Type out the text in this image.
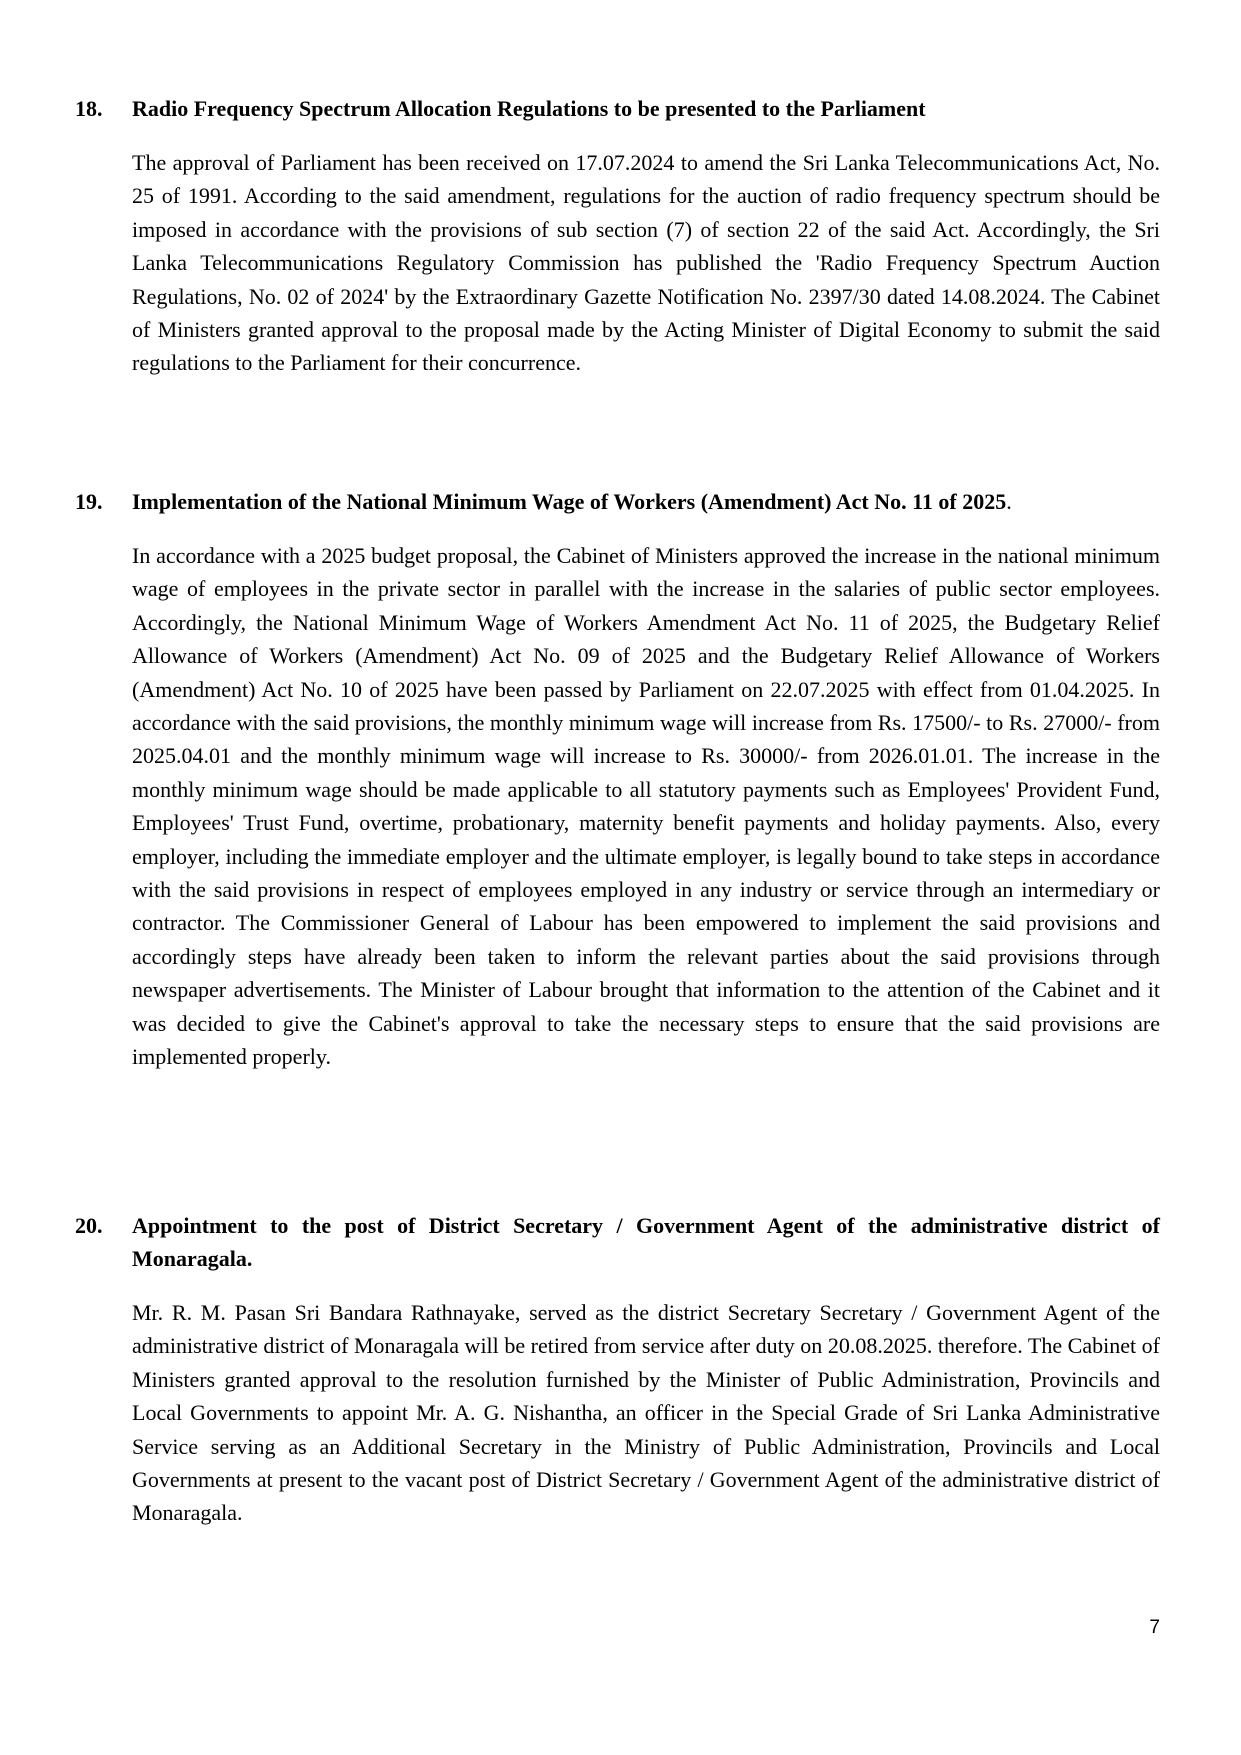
18.	Radio Frequency Spectrum Allocation Regulations to be presented to the Parliament
The approval of Parliament has been received on 17.07.2024 to amend the Sri Lanka Telecommunications Act, No. 25 of 1991. According to the said amendment, regulations for the auction of radio frequency spectrum should be imposed in accordance with the provisions of sub section (7) of section 22 of the said Act. Accordingly, the Sri Lanka Telecommunications Regulatory Commission has published the 'Radio Frequency Spectrum Auction Regulations, No. 02 of 2024' by the Extraordinary Gazette Notification No. 2397/30 dated 14.08.2024. The Cabinet of Ministers granted approval to the proposal made by the Acting Minister of Digital Economy to submit the said regulations to the Parliament for their concurrence.
19.	Implementation of the National Minimum Wage of Workers (Amendment) Act No. 11 of 2025.
In accordance with a 2025 budget proposal, the Cabinet of Ministers approved the increase in the national minimum wage of employees in the private sector in parallel with the increase in the salaries of public sector employees. Accordingly, the National Minimum Wage of Workers Amendment Act No. 11 of 2025, the Budgetary Relief Allowance of Workers (Amendment) Act No. 09 of 2025 and the Budgetary Relief Allowance of Workers (Amendment) Act No. 10 of 2025 have been passed by Parliament on 22.07.2025 with effect from 01.04.2025. In accordance with the said provisions, the monthly minimum wage will increase from Rs. 17500/- to Rs. 27000/- from 2025.04.01 and the monthly minimum wage will increase to Rs. 30000/- from 2026.01.01. The increase in the monthly minimum wage should be made applicable to all statutory payments such as Employees' Provident Fund, Employees' Trust Fund, overtime, probationary, maternity benefit payments and holiday payments. Also, every employer, including the immediate employer and the ultimate employer, is legally bound to take steps in accordance with the said provisions in respect of employees employed in any industry or service through an intermediary or contractor. The Commissioner General of Labour has been empowered to implement the said provisions and accordingly steps have already been taken to inform the relevant parties about the said provisions through newspaper advertisements. The Minister of Labour brought that information to the attention of the Cabinet and it was decided to give the Cabinet's approval to take the necessary steps to ensure that the said provisions are implemented properly.
20.	Appointment to the post of District Secretary / Government Agent of the administrative district of Monaragala.
Mr. R. M. Pasan Sri Bandara Rathnayake, served as the district Secretary Secretary / Government Agent of the administrative district of Monaragala will be retired from service after duty on 20.08.2025. therefore. The Cabinet of Ministers granted approval to the resolution furnished by the Minister of Public Administration, Provincils and Local Governments to appoint Mr. A. G. Nishantha, an officer in the Special Grade of Sri Lanka Administrative Service serving as an Additional Secretary in the Ministry of Public Administration, Provincils and Local Governments at present to the vacant post of District Secretary / Government Agent of the administrative district of Monaragala.
7
